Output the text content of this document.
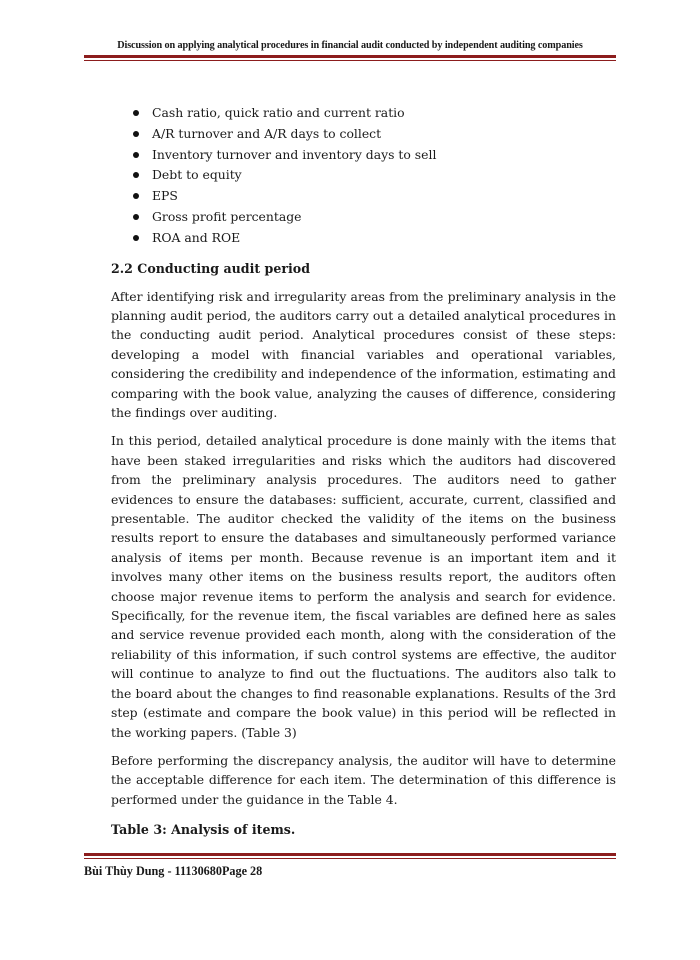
Discussion on applying analytical procedures in financial audit conducted by independent auditing companies
Cash ratio, quick ratio and current ratio
A/R turnover and A/R days to collect
Inventory turnover and inventory days to sell
Debt to equity
EPS
Gross profit percentage
ROA and ROE
2.2 Conducting audit period

After identifying risk and irregularity areas from the preliminary analysis in the planning audit period, the auditors carry out a detailed analytical procedures in the conducting audit period. Analytical procedures consist of these steps: developing a model with financial variables and operational variables, considering the credibility and independence of the information, estimating and comparing with the book value, analyzing the causes of difference, considering the findings over auditing.

In this period, detailed analytical procedure is done mainly with the items that have been staked irregularities and risks which the auditors had discovered from the preliminary analysis procedures. The auditors need to gather evidences to ensure the databases: sufficient, accurate, current, classified and presentable. The auditor checked the validity of the items on the business results report to ensure the databases and simultaneously performed variance analysis of items per month. Because revenue is an important item and it involves many other items on the business results report, the auditors often choose major revenue items to perform the analysis and search for evidence. Specifically, for the revenue item, the fiscal variables are defined here as sales and service revenue provided each month, along with the consideration of the reliability of this information, if such control systems are effective, the auditor will continue to analyze to find out the fluctuations. The auditors also talk to the board about the changes to find reasonable explanations. Results of the 3rd step (estimate and compare the book value) in this period will be reflected in the working papers. (Table 3)

Before performing the discrepancy analysis, the auditor will have to determine the acceptable difference for each item. The determination of this difference is performed under the guidance in the Table 4.

Table 3: Analysis of items.
Bùi Thùy Dung - 11130680Page 28
